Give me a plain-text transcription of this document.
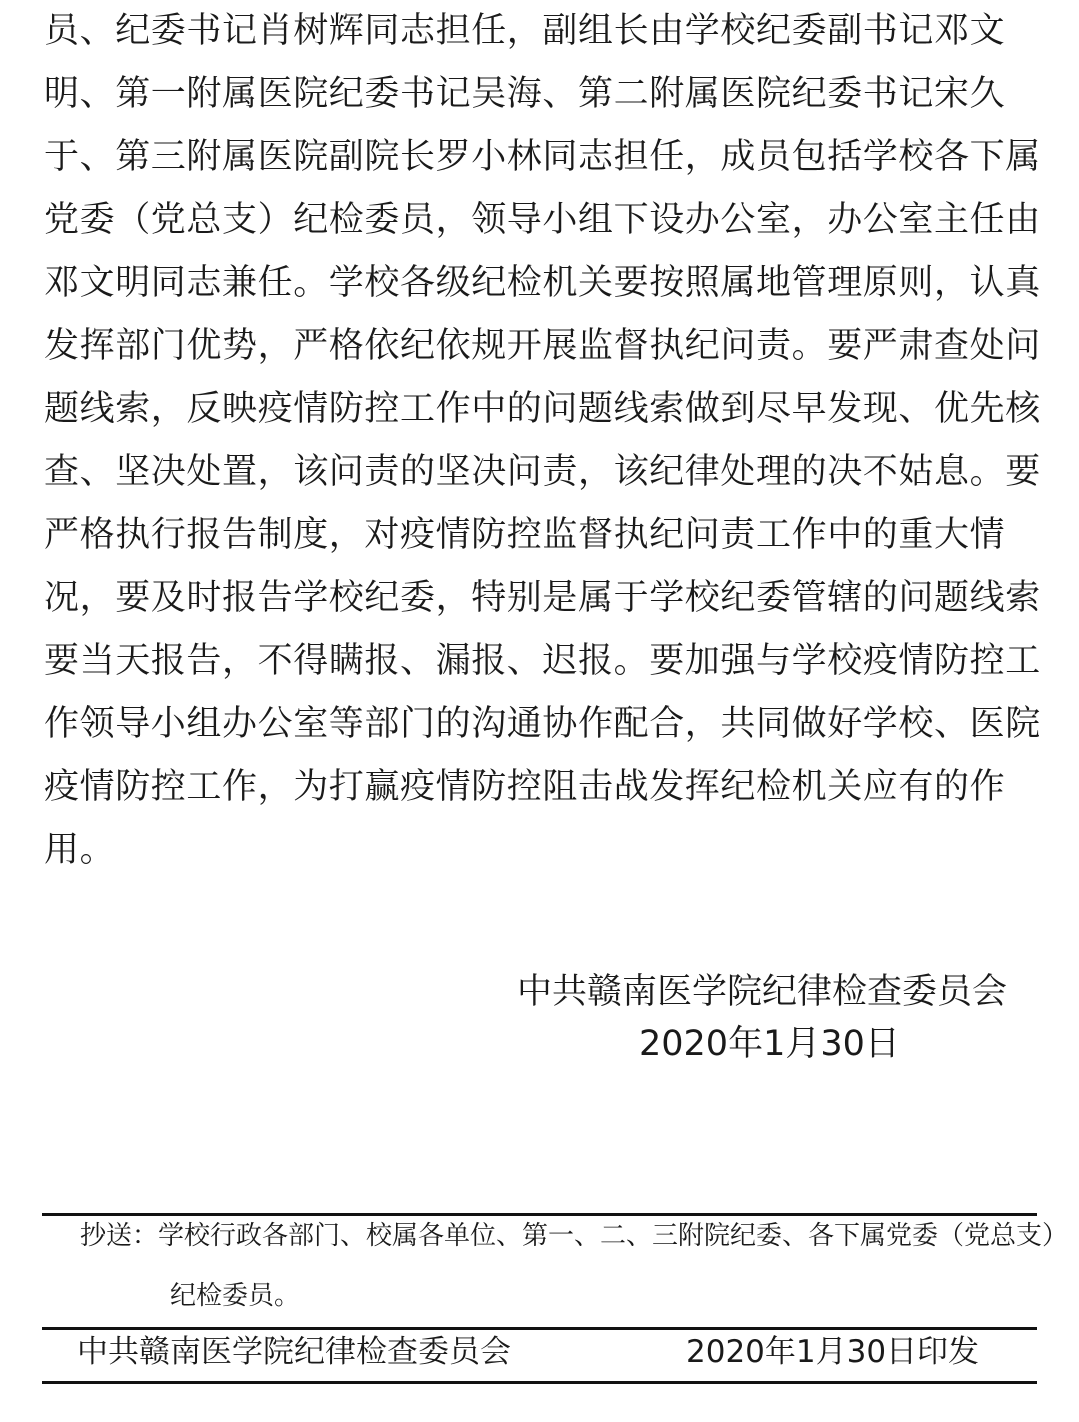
员、纪委书记肖树辉同志担任，副组长由学校纪委副书记邓文
明、第一附属医院纪委书记吴海、第二附属医院纪委书记宋久
于、第三附属医院副院长罗小林同志担任，成员包括学校各下属
党委（党总支）纪检委员，领导小组下设办公室，办公室主任由
邓文明同志兼任。学校各级纪检机关要按照属地管理原则，认真
发挥部门优势，严格依纪依规开展监督执纪问责。要严肃查处问
题线索，反映疫情防控工作中的问题线索做到尽早发现、优先核
查、坚决处置，该问责的坚决问责，该纪律处理的决不姑息。要
严格执行报告制度，对疫情防控监督执纪问责工作中的重大情
况，要及时报告学校纪委，特别是属于学校纪委管辖的问题线索
要当天报告，不得瞒报、漏报、迟报。要加强与学校疫情防控工
作领导小组办公室等部门的沟通协作配合，共同做好学校、医院
疫情防控工作，为打赢疫情防控阻击战发挥纪检机关应有的作
用。
中共赣南医学院纪律检查委员会
2020年1月30日
抄送：学校行政各部门、校属各单位、第一、二、三附院纪委、各下属党委（党总支）
纪检委员。
中共赣南医学院纪律检查委员会	2020年1月30日印发
